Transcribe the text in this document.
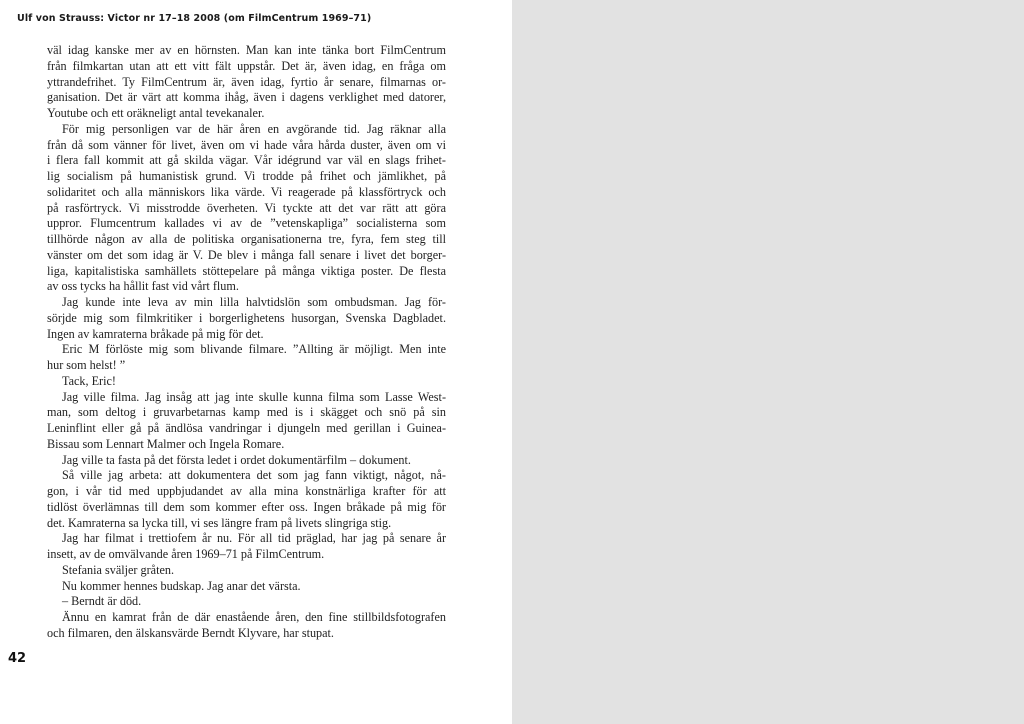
Ulf von Strauss: Victor nr 17–18 2008 (om FilmCentrum 1969–71)
väl idag kanske mer av en hörnsten. Man kan inte tänka bort FilmCentrum
från filmkartan utan att ett vitt fält uppstår. Det är, även idag, en fråga om
yttrandefrihet. Ty FilmCentrum är, även idag, fyrtio år senare, filmarnas or-
ganisation. Det är värt att komma ihåg, även i dagens verklighet med datorer,
Youtube och ett oräkneligt antal tevekanaler.
För mig personligen var de här åren en avgörande tid. Jag räknar alla
från då som vänner för livet, även om vi hade våra hårda duster, även om vi
i flera fall kommit att gå skilda vägar. Vår idégrund var väl en slags frihet-
lig socialism på humanistisk grund. Vi trodde på frihet och jämlikhet, på
solidaritet och alla människors lika värde. Vi reagerade på klassförtryck och
på rasförtryck. Vi misstrodde överheten. Vi tyckte att det var rätt att göra
uppror. Flumcentrum kallades vi av de ”vetenskapliga” socialisterna som
tillhörde någon av alla de politiska organisationerna tre, fyra, fem steg till
vänster om det som idag är V. De blev i många fall senare i livet det borger-
liga, kapitalistiska samhällets stöttepelare på många viktiga poster. De flesta
av oss tycks ha hållit fast vid vårt flum.
Jag kunde inte leva av min lilla halvtidslön som ombudsman. Jag för-
sörjde mig som filmkritiker i borgerlighetens husorgan, Svenska Dagbladet.
Ingen av kamraterna bråkade på mig för det.
Eric M förlöste mig som blivande filmare. ”Allting är möjligt. Men inte
hur som helst! ”
Tack, Eric!
Jag ville filma. Jag insåg att jag inte skulle kunna filma som Lasse West-
man, som deltog i gruvarbetarnas kamp med is i skägget och snö på sin
Leninflint eller gå på ändlösa vandringar i djungeln med gerillan i Guinea-
Bissau som Lennart Malmer och Ingela Romare.
Jag ville ta fasta på det första ledet i ordet dokumentärfilm – dokument.
Så ville jag arbeta: att dokumentera det som jag fann viktigt, något, nå-
gon, i vår tid med uppbjudandet av alla mina konstnärliga krafter för att
tidlöst överlämnas till dem som kommer efter oss. Ingen bråkade på mig för
det. Kamraterna sa lycka till, vi ses längre fram på livets slingriga stig.
Jag har filmat i trettiofem år nu. För all tid präglad, har jag på senare år
insett, av de omvälvande åren 1969–71 på FilmCentrum.
Stefania sväljer gråten.
Nu kommer hennes budskap. Jag anar det värsta.
– Berndt är död.
Ännu en kamrat från de där enastående åren, den fine stillbildsfotografen
och filmaren, den älskansvärde Berndt Klyvare, har stupat.
42
